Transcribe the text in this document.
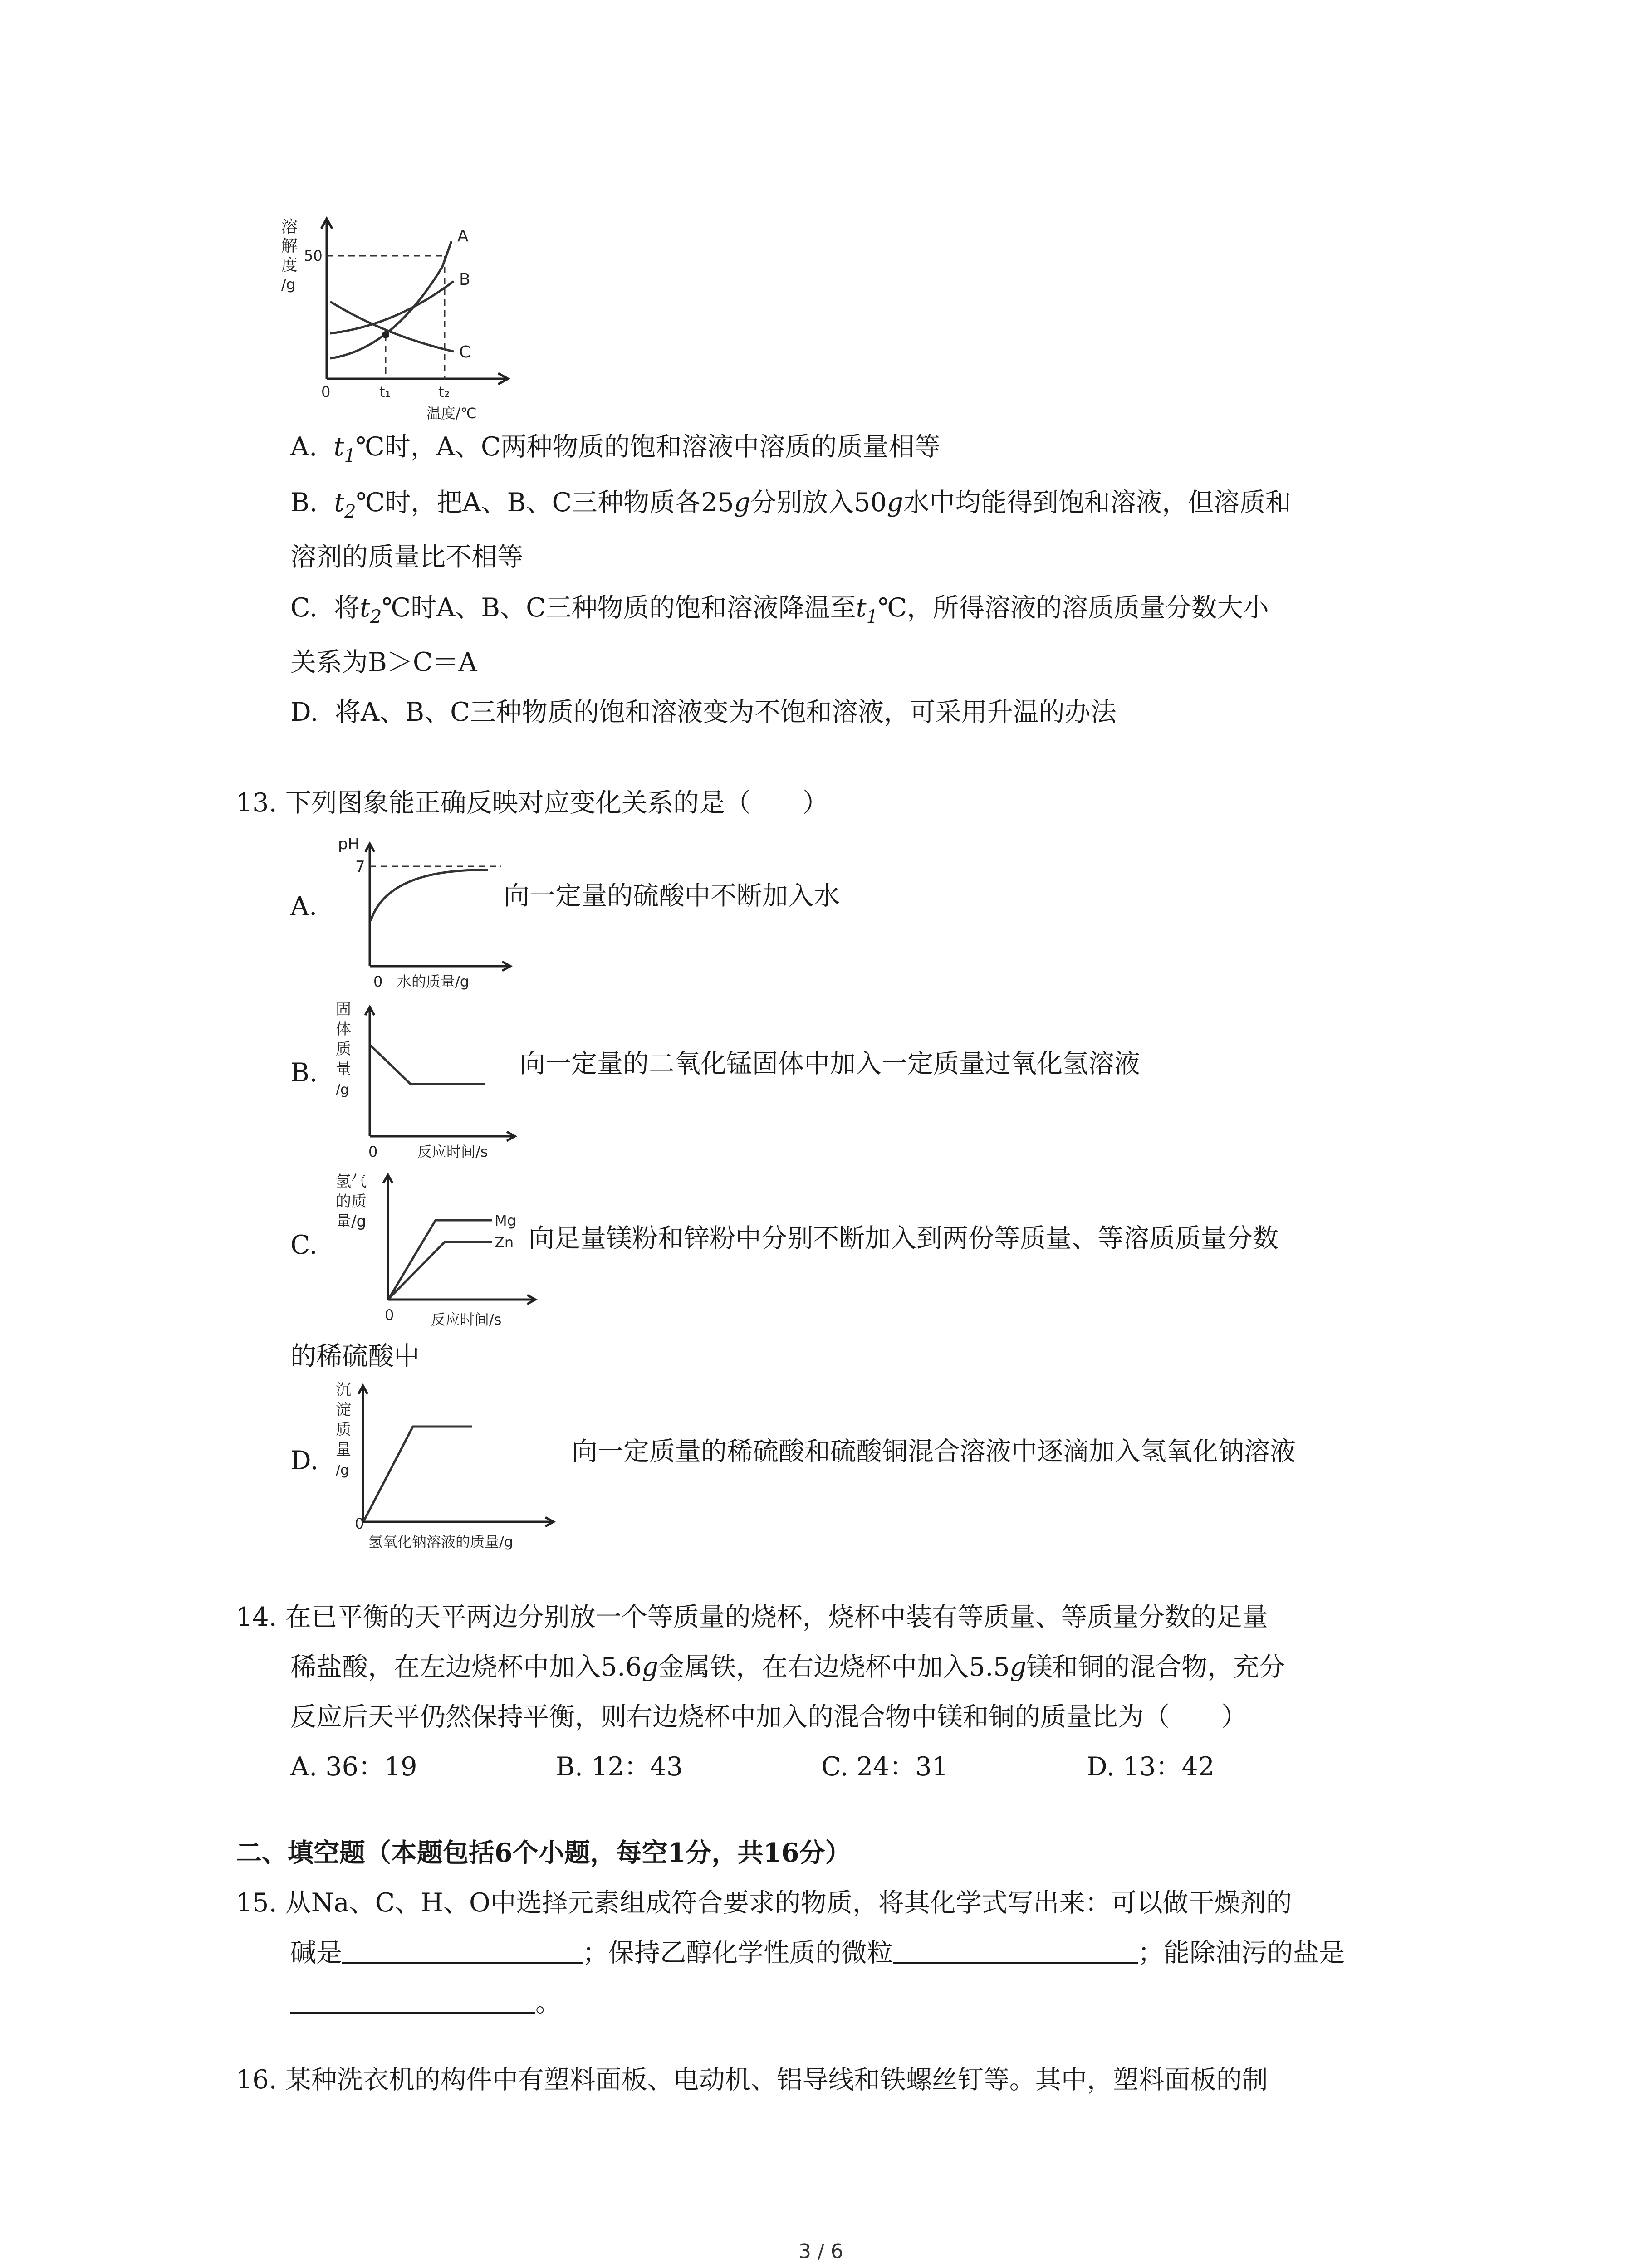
溶
解
度
/g
50
A
B
C
0	t₁	t₂
温度/℃
A. $t_1℃$时，A、C两种物质的饱和溶液中溶质的质量相等
B. $t_2℃$时，把A、B、C三种物质各25g分别放入50g水中均能得到饱和溶液，但溶质和
溶剂的质量比不相等
C. 将$t_2℃$时A、B、C三种物质的饱和溶液降温至$t_1℃$，所得溶液的溶质质量分数大小
关系为B＞C＝A
D. 将A、B、C三种物质的饱和溶液变为不饱和溶液，可采用升温的办法
13. 下列图象能正确反映对应变化关系的是（　　）
A.
pH
7
0 水的质量/g
向一定量的硫酸中不断加入水
B.
固
体
质
量
/g
0	反应时间/s
向一定量的二氧化锰固体中加入一定质量过氧化氢溶液
C.
氢气
的质
量/g	Mg
Zn
0	反应时间/s
向足量镁粉和锌粉中分别不断加入到两份等质量、等溶质质量分数
的稀硫酸中
D.
沉
淀
质
量
/g
0
氢氧化钠溶液的质量/g
向一定质量的稀硫酸和硫酸铜混合溶液中逐滴加入氢氧化钠溶液
14. 在已平衡的天平两边分别放一个等质量的烧杯，烧杯中装有等质量、等质量分数的足量
稀盐酸，在左边烧杯中加入5.6g金属铁，在右边烧杯中加入5.5g镁和铜的混合物，充分
反应后天平仍然保持平衡，则右边烧杯中加入的混合物中镁和铜的质量比为（　　）
A. 36：19	B. 12：43	C. 24：31	D. 13：42
二、填空题（本题包括6个小题，每空1分，共16分）
15. 从Na、C、H、O中选择元素组成符合要求的物质，将其化学式写出来：可以做干燥剂的
碱是	；保持乙醇化学性质的微粒	；能除油污的盐是
。
16. 某种洗衣机的构件中有塑料面板、电动机、铝导线和铁螺丝钉等。其中，塑料面板的制
3 / 6
